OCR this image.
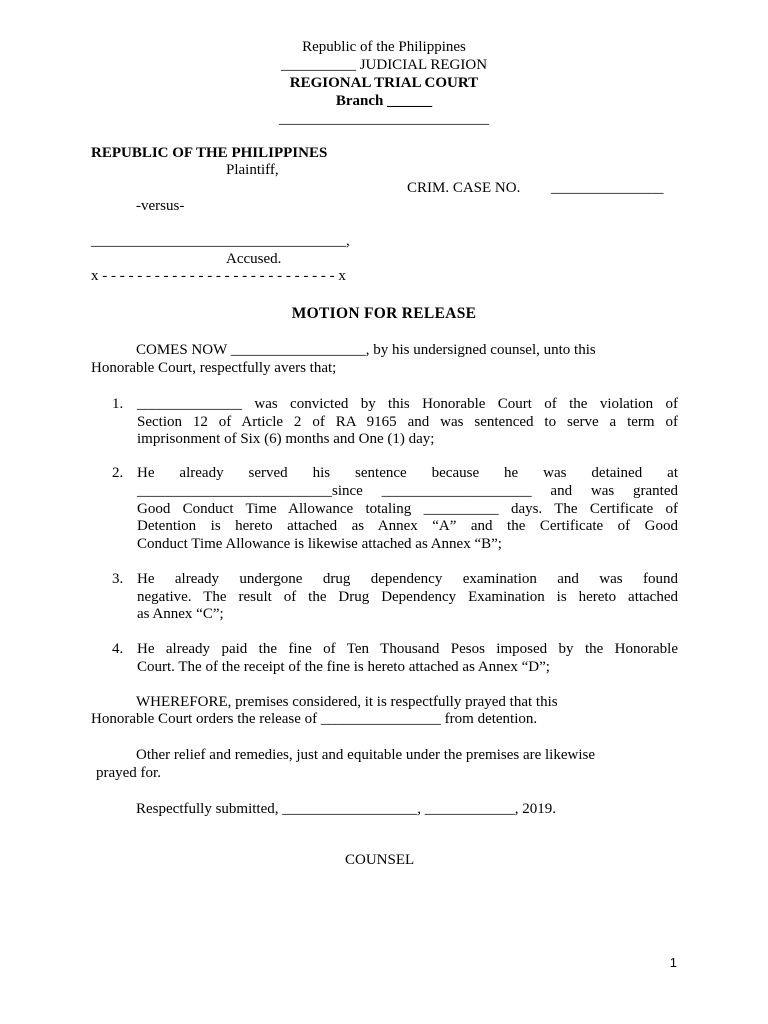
Republic of the Philippines
__________ JUDICIAL REGION
REGIONAL TRIAL COURT
Branch ______
____________________________
REPUBLIC OF THE PHILIPPINES
Plaintiff,
CRIM. CASE NO. _______________
-versus-
__________________________________,
Accused.
x - - - - - - - - - - - - - - - - - - - - - - - - - - - x
MOTION FOR RELEASE
COMES NOW __________________, by his undersigned counsel, unto this
Honorable Court, respectfully avers that;
1. ______________ was convicted by this Honorable Court of the violation of
Section 12 of Article 2 of RA 9165 and was sentenced to serve a term of
imprisonment of Six (6) months and One (1) day;
2. He already served his sentence because he was detained at
__________________________since ____________________ and was granted
Good Conduct Time Allowance totaling __________ days. The Certificate of
Detention is hereto attached as Annex “A” and the Certificate of Good
Conduct Time Allowance is likewise attached as Annex “B”;
3. He already undergone drug dependency examination and was found
negative. The result of the Drug Dependency Examination is hereto attached
as Annex “C”;
4. He already paid the fine of Ten Thousand Pesos imposed by the Honorable
Court. The of the receipt of the fine is hereto attached as Annex “D”;
WHEREFORE, premises considered, it is respectfully prayed that this
Honorable Court orders the release of ________________ from detention.
Other relief and remedies, just and equitable under the premises are likewise
prayed for.
Respectfully submitted, __________________, ____________, 2019.
COUNSEL
1
